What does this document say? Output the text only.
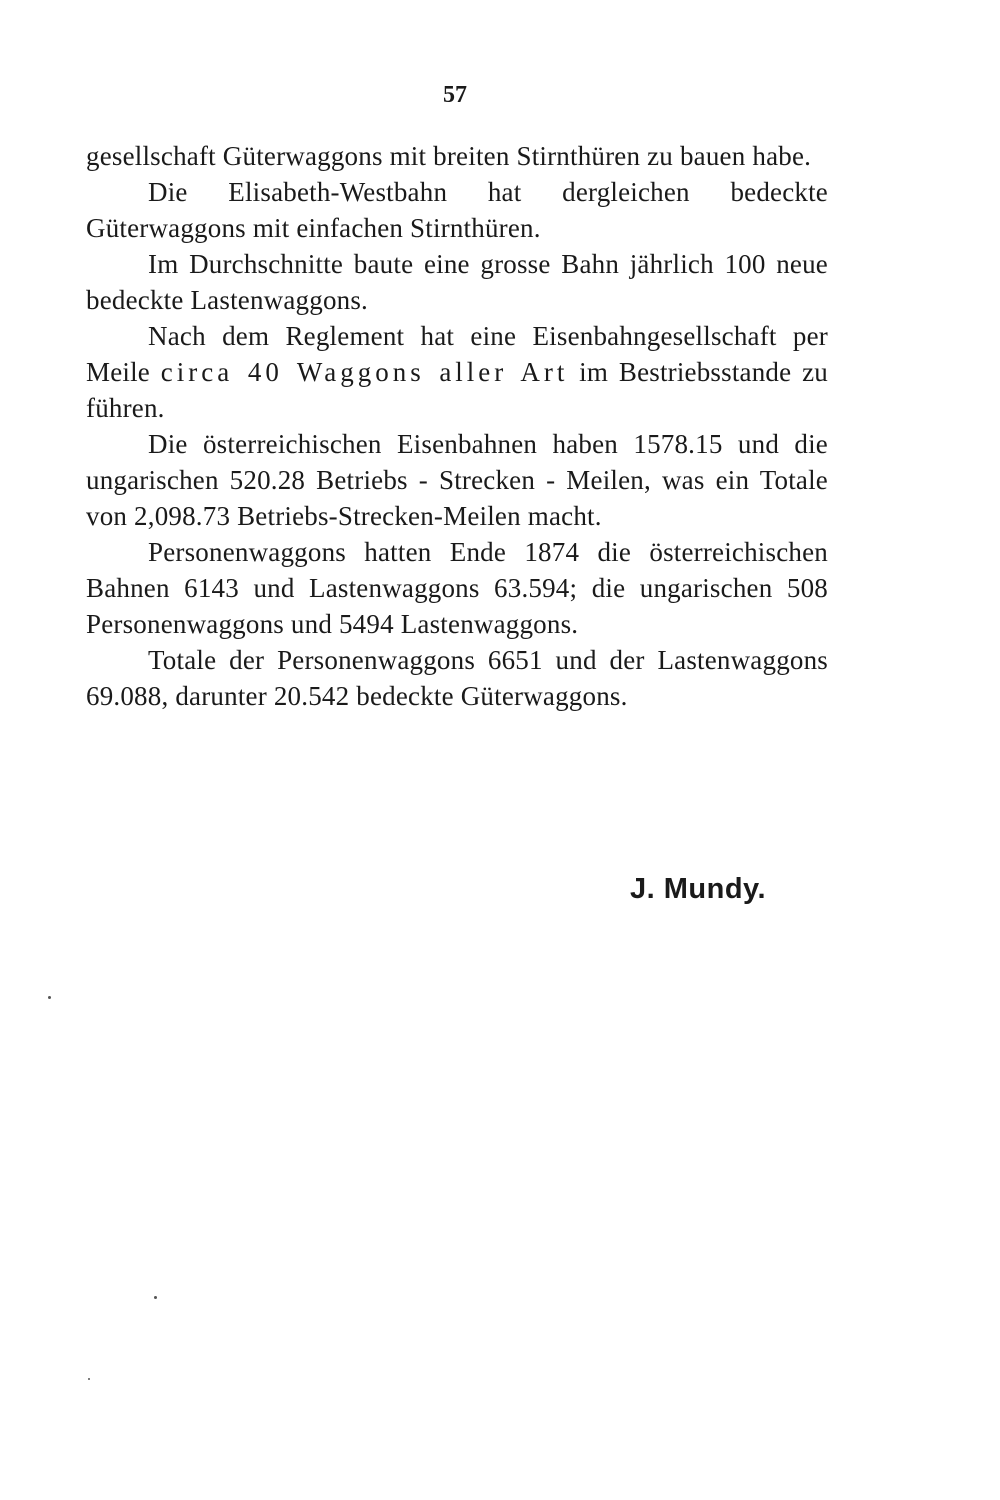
57

gesellschaft Güterwaggons mit breiten Stirnthüren zu bauen habe.

Die Elisabeth-Westbahn hat dergleichen bedeckte Güterwaggons mit einfachen Stirnthüren.

Im Durchschnitte baute eine grosse Bahn jährlich 100 neue bedeckte Lastenwaggons.

Nach dem Reglement hat eine Eisenbahngesellschaft per Meile circa 40 Waggons aller Art im Bestriebsstande zu führen.

Die österreichischen Eisenbahnen haben 1578.15 und die ungarischen 520.28 Betriebs - Strecken - Meilen, was ein Totale von 2,098.73 Betriebs-Strecken-Meilen macht.

Personenwaggons hatten Ende 1874 die österreichischen Bahnen 6143 und Lastenwaggons 63.594; die ungarischen 508 Personenwaggons und 5494 Lastenwaggons.

Totale der Personenwaggons 6651 und der Lastenwaggons 69.088, darunter 20.542 bedeckte Güterwaggons.

J. Mundy.
